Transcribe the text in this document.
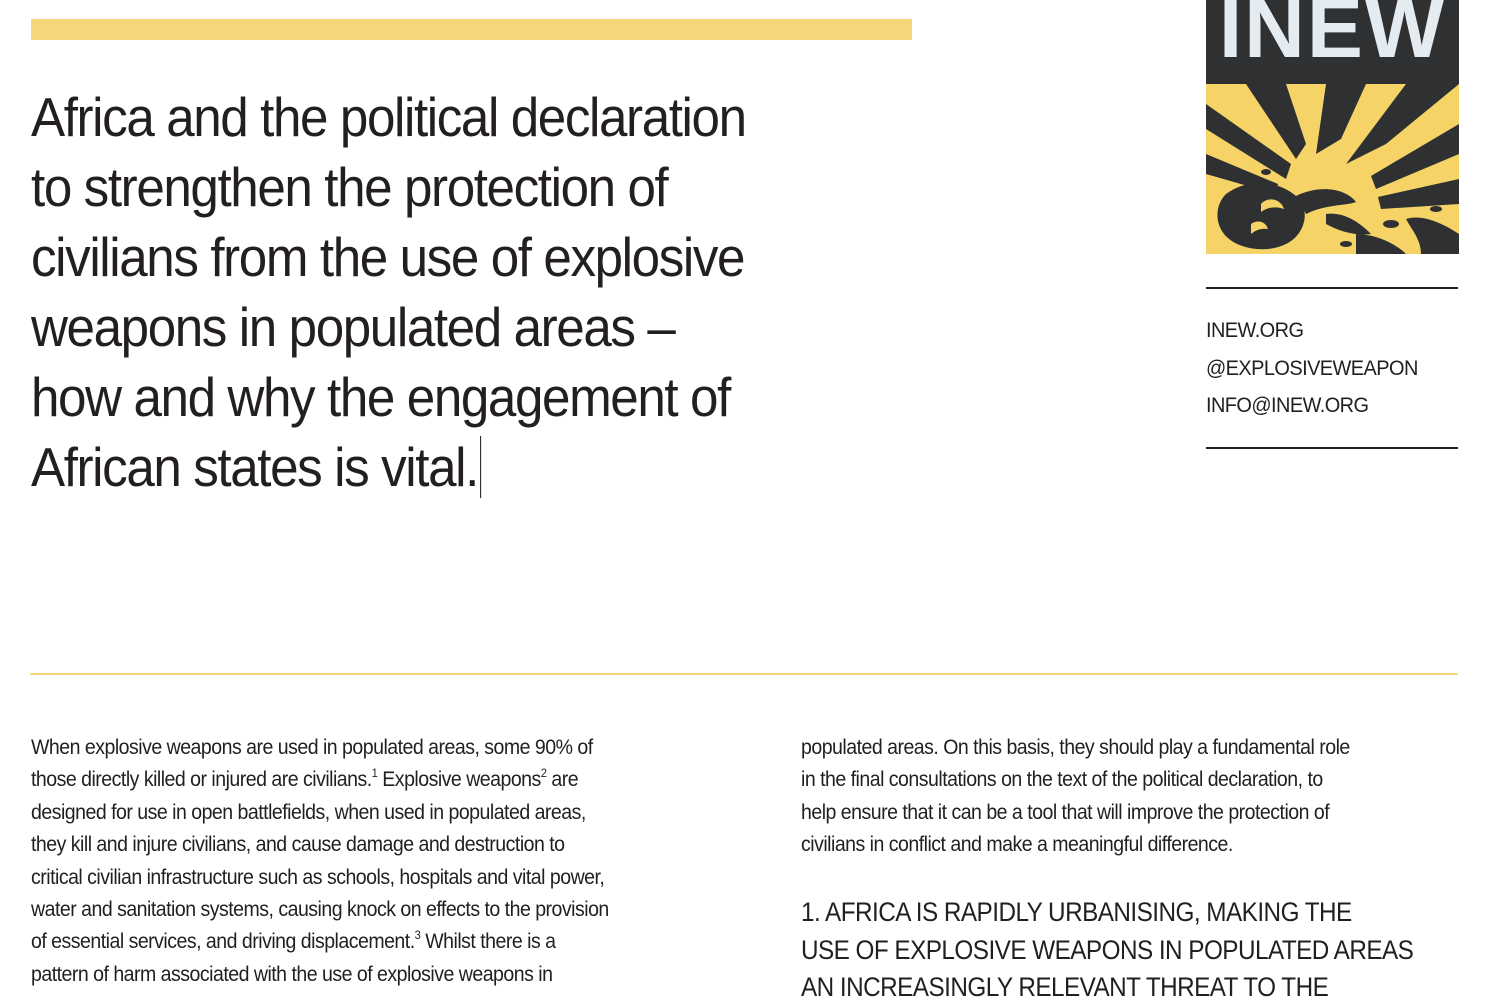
Africa and the political declaration
to strengthen the protection of
civilians from the use of explosive
weapons in populated areas –
how and why the engagement of
African states is vital.
INEW
INEW.ORG
@EXPLOSIVEWEAPON
INFO@INEW.ORG

When explosive weapons are used in populated areas, some 90% of
those directly killed or injured are civilians.$^1$ Explosive weapons$^2$ are
designed for use in open battlefields, when used in populated areas,
they kill and injure civilians, and cause damage and destruction to
critical civilian infrastructure such as schools, hospitals and vital power,
water and sanitation systems, causing knock on effects to the provision
of essential services, and driving displacement.$^3$ Whilst there is a
pattern of harm associated with the use of explosive weapons in

populated areas. On this basis, they should play a fundamental role
in the final consultations on the text of the political declaration, to
help ensure that it can be a tool that will improve the protection of
civilians in conflict and make a meaningful difference.

1. AFRICA IS RAPIDLY URBANISING, MAKING THE
USE OF EXPLOSIVE WEAPONS IN POPULATED AREAS
AN INCREASINGLY RELEVANT THREAT TO THE
